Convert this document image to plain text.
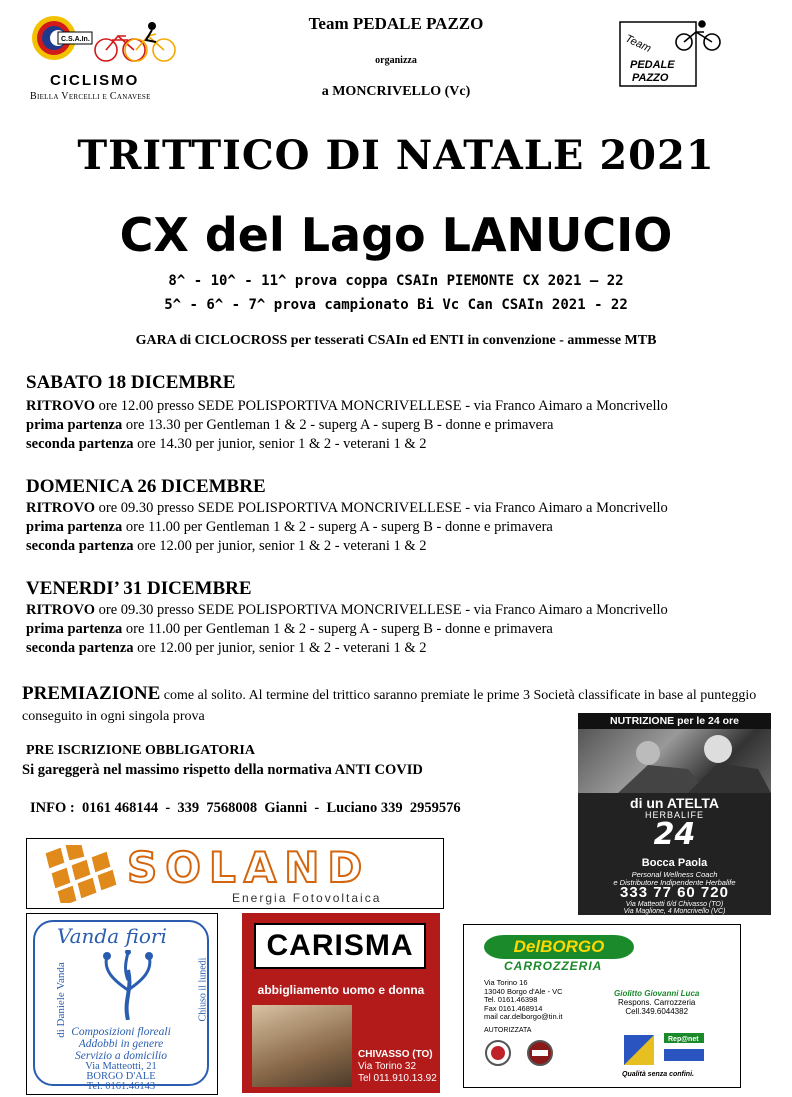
C.S.A.In.
CICLISMO
Biella Vercelli e Canavese
Team PEDALE PAZZO
organizza
a MONCRIVELLO (Vc)
Team
PEDALE
PAZZO
TRITTICO DI NATALE 2021
CX del Lago LANUCIO
8^ - 10^ - 11^ prova coppa CSAIn PIEMONTE CX 2021 – 22
5^ - 6^ - 7^ prova campionato Bi Vc Can CSAIn 2021 - 22
GARA di CICLOCROSS per tesserati CSAIn ed ENTI in convenzione - ammesse MTB
SABATO 18 DICEMBRE
RITROVO ore 12.00 presso SEDE POLISPORTIVA MONCRIVELLESE - via Franco Aimaro a Moncrivello
prima partenza ore 13.30 per Gentleman 1 & 2 - superg A - superg B - donne e primavera
seconda partenza ore 14.30 per junior, senior 1 & 2 - veterani 1 & 2
DOMENICA 26 DICEMBRE
RITROVO ore 09.30 presso SEDE POLISPORTIVA MONCRIVELLESE - via Franco Aimaro a Moncrivello
prima partenza ore 11.00 per Gentleman 1 & 2 - superg A - superg B - donne e primavera
seconda partenza ore 12.00 per junior, senior 1 & 2 - veterani 1 & 2
VENERDI’ 31 DICEMBRE
RITROVO ore 09.30 presso SEDE POLISPORTIVA MONCRIVELLESE - via Franco Aimaro a Moncrivello
prima partenza ore 11.00 per Gentleman 1 & 2 - superg A - superg B - donne e primavera
seconda partenza ore 12.00 per junior, senior 1 & 2 - veterani 1 & 2
PREMIAZIONE come al solito. Al termine del trittico saranno premiate le prime 3 Società classificate in base al punteggio conseguito in ogni singola prova
PRE ISCRIZIONE OBBLIGATORIA
Si gareggerà nel massimo rispetto della normativa ANTI COVID
INFO :  0161 468144  -  339  7568008  Gianni  -  Luciano 339  2959576
NUTRIZIONE per le 24 ore
di un ATELTA
HERBALIFE
24
Bocca Paola
Personal Wellness Coach
e Distributore Indipendente Herbalife
333 77 60 720
Via Matteotti 6/d Chivasso (TO)
Via Maglione, 4 Moncrivello (VC)
SOLAND
Energia Fotovoltaica
Vanda fiori
di Daniele Vanda	Chiuso il lunedì
Composizioni floreali
Addobbi in genere
Servizio a domicilio
Via Matteotti, 21
BORGO D'ALE
Tel. 0161.46143
CARISMA
abbigliamento uomo e donna
CHIVASSO (TO)
Via Torino 32
Tel 011.910.13.92
DelBORGO
CARROZZERIA
Via Torino 16
13040 Borgo d'Ale - VC
Tel. 0161.46398
Fax 0161.468914
mail car.delborgo@tin.it
Giolitto Giovanni Luca
Respons. Carrozzeria
Cell.349.6044382
AUTORIZZATA
Rep@net
Qualità senza confini.
